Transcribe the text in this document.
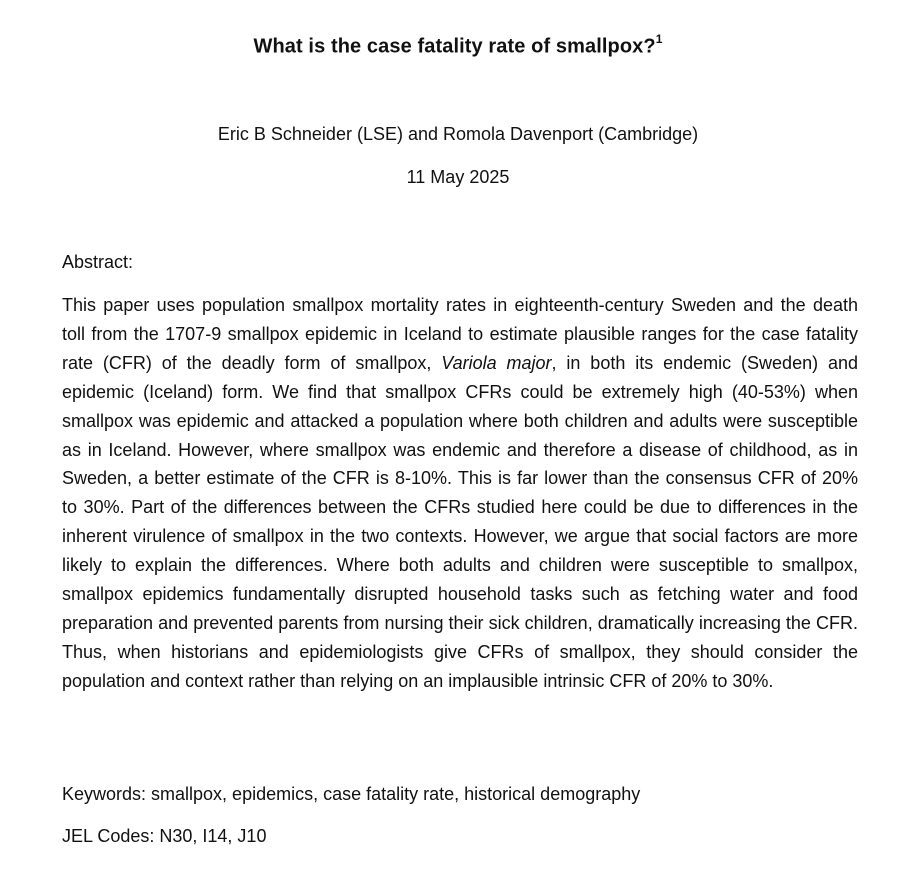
What is the case fatality rate of smallpox?$^1$
Eric B Schneider (LSE) and Romola Davenport (Cambridge)
11 May 2025
Abstract:

This paper uses population smallpox mortality rates in eighteenth-century Sweden and the death toll from the 1707-9 smallpox epidemic in Iceland to estimate plausible ranges for the case fatality rate (CFR) of the deadly form of smallpox, Variola major, in both its endemic (Sweden) and epidemic (Iceland) form. We find that smallpox CFRs could be extremely high (40-53%) when smallpox was epidemic and attacked a population where both children and adults were susceptible as in Iceland. However, where smallpox was endemic and therefore a disease of childhood, as in Sweden, a better estimate of the CFR is 8-10%. This is far lower than the consensus CFR of 20% to 30%. Part of the differences between the CFRs studied here could be due to differences in the inherent virulence of smallpox in the two contexts. However, we argue that social factors are more likely to explain the differences. Where both adults and children were susceptible to smallpox, smallpox epidemics fundamentally disrupted household tasks such as fetching water and food preparation and prevented parents from nursing their sick children, dramatically increasing the CFR. Thus, when historians and epidemiologists give CFRs of smallpox, they should consider the population and context rather than relying on an implausible intrinsic CFR of 20% to 30%.

Keywords: smallpox, epidemics, case fatality rate, historical demography
JEL Codes: N30, I14, J10
